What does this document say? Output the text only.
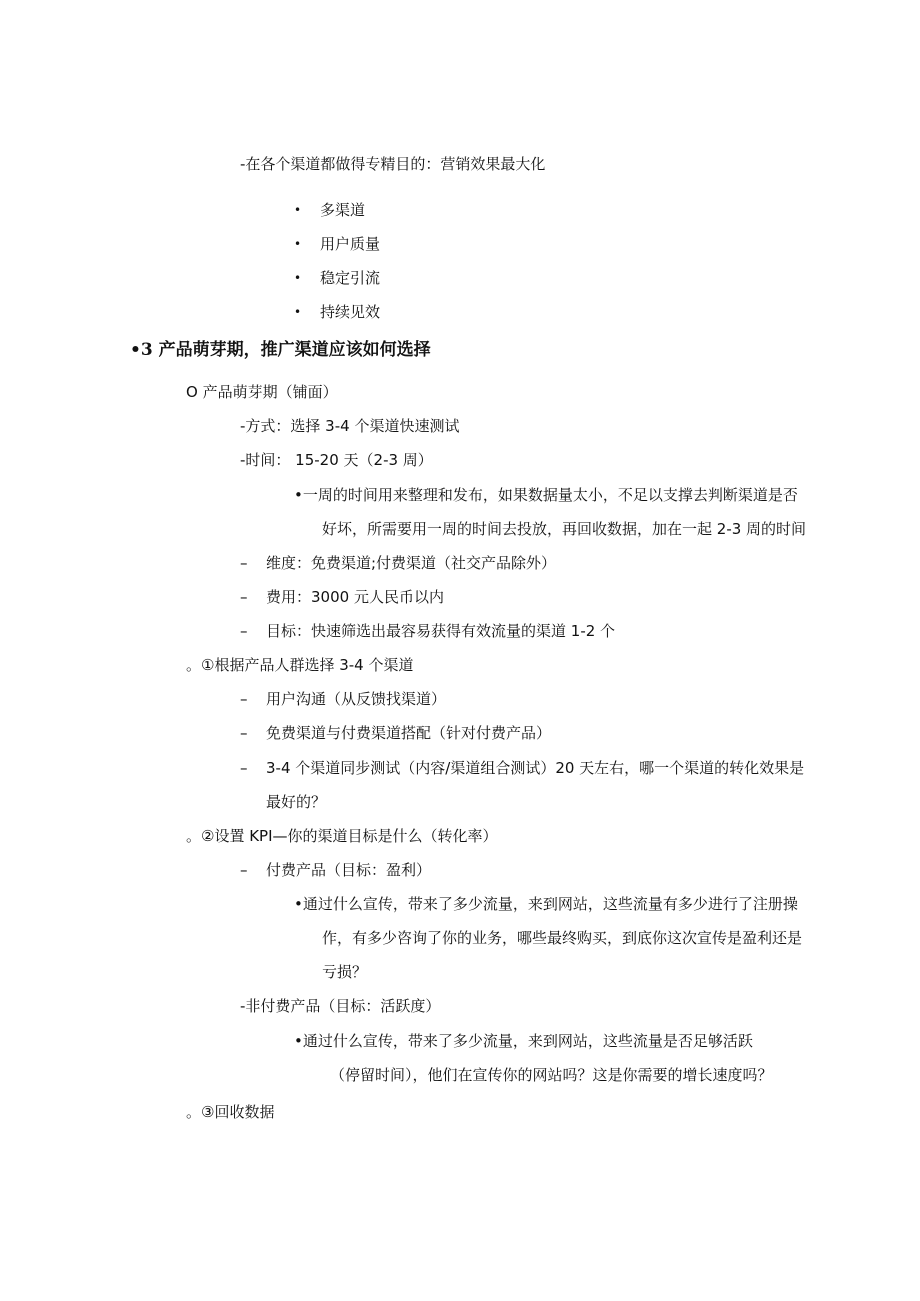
-在各个渠道都做得专精目的：营销效果最大化
• 多渠道
• 用户质量
• 稳定引流
• 持续见效
•3 产品萌芽期，推广渠道应该如何选择
O 产品萌芽期（铺面）
-方式：选择 3-4 个渠道快速测试
-时间： 15-20 天（2-3 周）
•一周的时间用来整理和发布，如果数据量太小，不足以支撑去判断渠道是否
好坏，所需要用一周的时间去投放，再回收数据，加在一起 2-3 周的时间
– 维度：免费渠道;付费渠道（社交产品除外）
– 费用：3000 元人民币以内
– 目标：快速筛选出最容易获得有效流量的渠道 1-2 个
。①根据产品人群选择 3-4 个渠道
– 用户沟通（从反馈找渠道）
– 免费渠道与付费渠道搭配（针对付费产品）
– 3-4 个渠道同步测试（内容/渠道组合测试）20 天左右，哪一个渠道的转化效果是
最好的？
。②设置 KPI—你的渠道目标是什么（转化率）
– 付费产品（目标：盈利）
•通过什么宣传，带来了多少流量，来到网站，这些流量有多少进行了注册操
作，有多少咨询了你的业务，哪些最终购买，到底你这次宣传是盈利还是
亏损？
-非付费产品（目标：活跃度）
•通过什么宣传，带来了多少流量，来到网站，这些流量是否足够活跃
（停留时间），他们在宣传你的网站吗？这是你需要的增长速度吗？
。③回收数据
